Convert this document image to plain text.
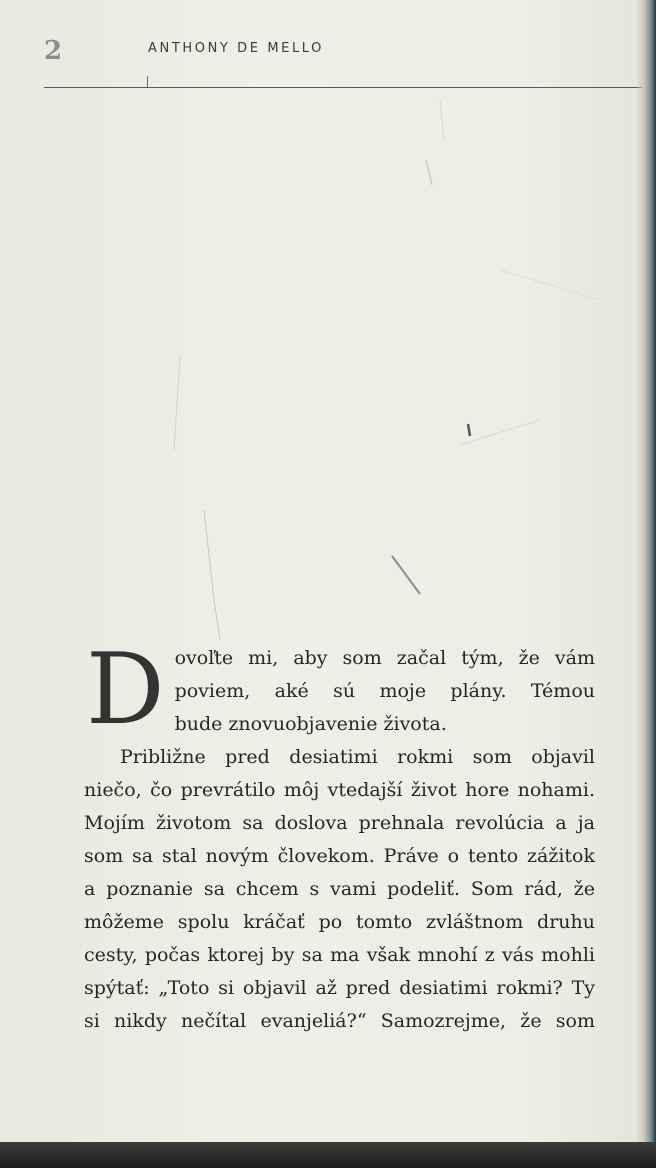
2	ANTHONY DE MELLO
D ovoľte mi, aby som začal tým, že vám
poviem, aké sú moje plány. Témou
bude znovuobjavenie života.
Približne pred desiatimi rokmi som objavil
niečo, čo prevrátilo môj vtedajší život hore nohami.
Mojím životom sa doslova prehnala revolúcia a ja
som sa stal novým človekom. Práve o tento zážitok
a poznanie sa chcem s vami podeliť. Som rád, že
môžeme spolu kráčať po tomto zvláštnom druhu
cesty, počas ktorej by sa ma však mnohí z vás mohli
spýtať: „Toto si objavil až pred desiatimi rokmi? Ty
si nikdy nečítal evanjeliá?“ Samozrejme, že som
